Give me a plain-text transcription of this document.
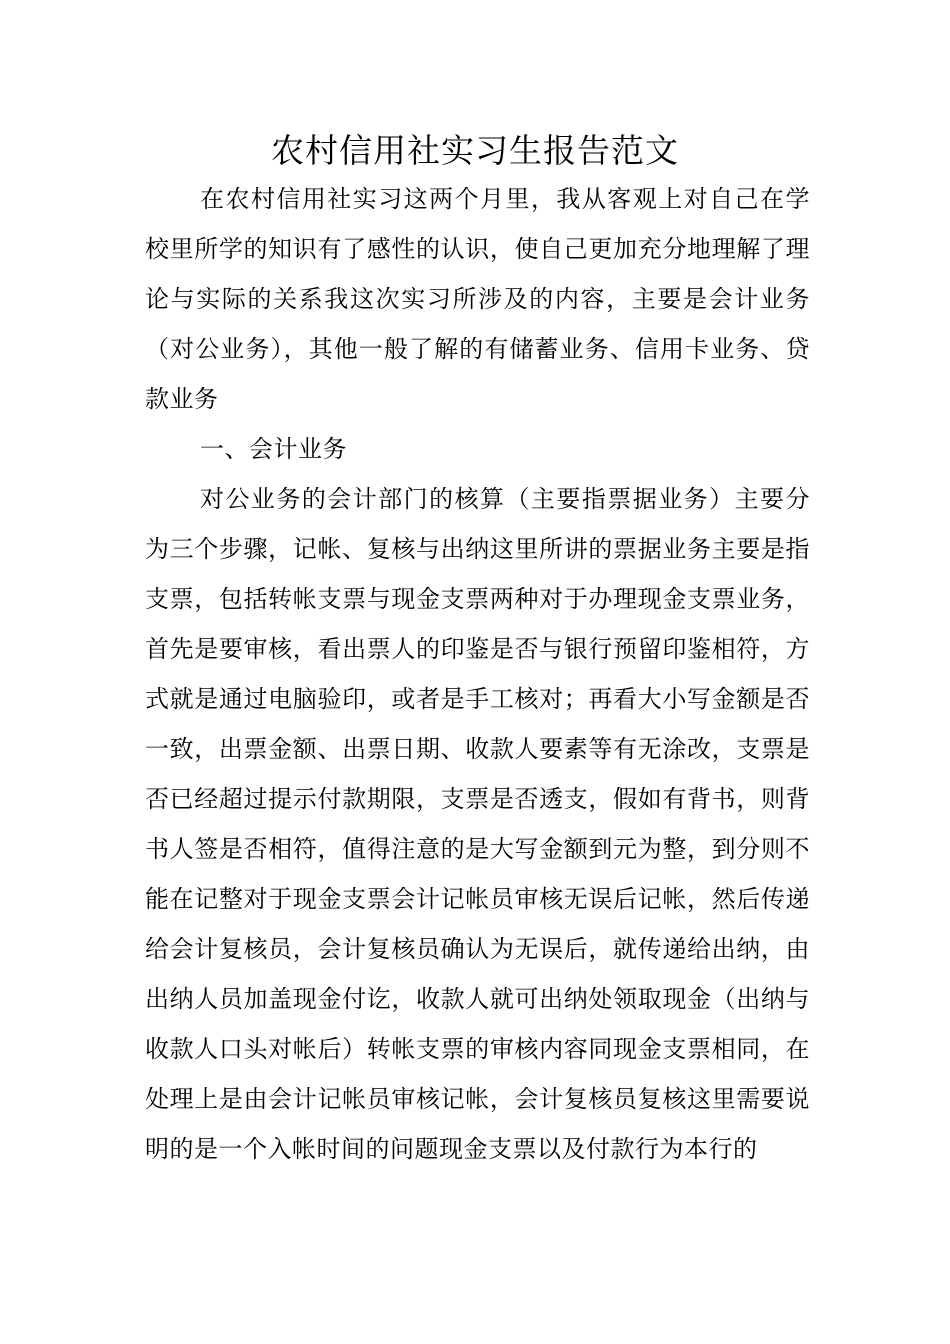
农村信用社实习生报告范文

在农村信用社实习这两个月里，我从客观上对自己在学校里所学的知识有了感性的认识，使自己更加充分地理解了理论与实际的关系我这次实习所涉及的内容，主要是会计业务（对公业务），其他一般了解的有储蓄业务、信用卡业务、贷款业务

一、会计业务

对公业务的会计部门的核算（主要指票据业务）主要分为三个步骤，记帐、复核与出纳这里所讲的票据业务主要是指支票，包括转帐支票与现金支票两种对于办理现金支票业务，首先是要审核，看出票人的印鉴是否与银行预留印鉴相符，方式就是通过电脑验印，或者是手工核对；再看大小写金额是否一致，出票金额、出票日期、收款人要素等有无涂改，支票是否已经超过提示付款期限，支票是否透支，假如有背书，则背书人签是否相符，值得注意的是大写金额到元为整，到分则不能在记整对于现金支票会计记帐员审核无误后记帐，然后传递给会计复核员，会计复核员确认为无误后，就传递给出纳，由出纳人员加盖现金付讫，收款人就可出纳处领取现金（出纳与收款人口头对帐后）转帐支票的审核内容同现金支票相同，在处理上是由会计记帐员审核记帐，会计复核员复核这里需要说明的是一个入帐时间的问题现金支票以及付款行为本行的
